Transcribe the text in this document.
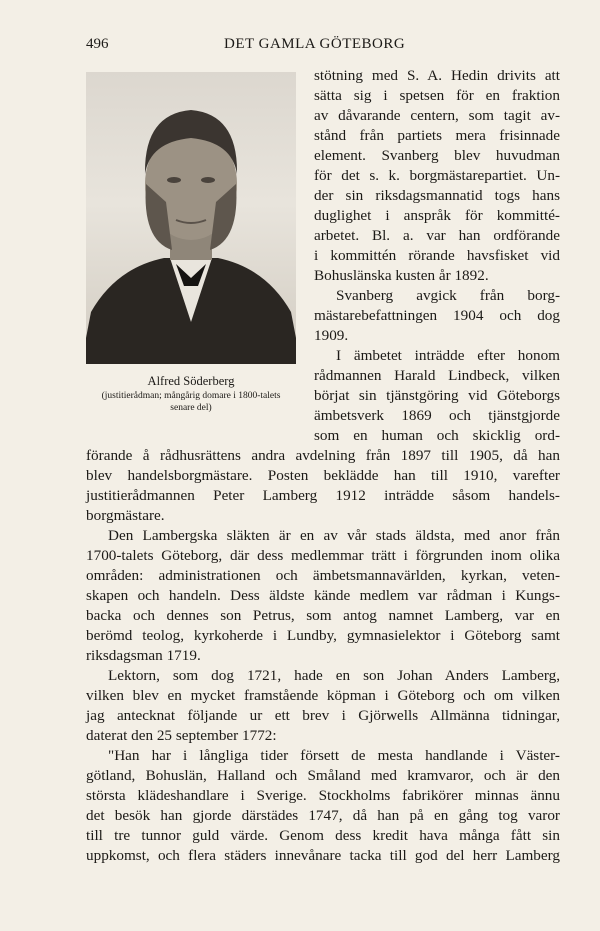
496	DET GAMLA GÖTEBORG
Alfred Söderberg
(justitierådman; mångårig domare i 1800-talets
senare del)
stötning med S. A. Hedin drivits att
sätta sig i spetsen för en fraktion
av dåvarande centern, som tagit av-
stånd från partiets mera frisinnade
element. Svanberg blev huvudman
för det s. k. borgmästarepartiet. Un-
der sin riksdagsmannatid togs hans
duglighet i anspråk för kommitté-
arbetet. Bl. a. var han ordförande
i kommittén rörande havsfisket vid
Bohuslänska kusten år 1892.
Svanberg avgick från borg-
mästarebefattningen 1904 och dog
1909.
I ämbetet inträdde efter honom
rådmannen Harald Lindbeck, vilken
börjat sin tjänstgöring vid Göteborgs
ämbetsverk 1869 och tjänstgjorde
som en human och skicklig ord-
förande å rådhusrättens andra avdelning från 1897 till 1905, då han
blev handelsborgmästare. Posten beklädde han till 1910, varefter
justitierådmannen Peter Lamberg 1912 inträdde såsom handels-
borgmästare.
Den Lambergska släkten är en av vår stads äldsta, med anor från
1700-talets Göteborg, där dess medlemmar trätt i förgrunden inom olika
områden: administrationen och ämbetsmannavärlden, kyrkan, veten-
skapen och handeln. Dess äldste kände medlem var rådman i Kungs-
backa och dennes son Petrus, som antog namnet Lamberg, var en
berömd teolog, kyrkoherde i Lundby, gymnasielektor i Göteborg samt
riksdagsman 1719.
Lektorn, som dog 1721, hade en son Johan Anders Lamberg,
vilken blev en mycket framstående köpman i Göteborg och om vilken
jag antecknat följande ur ett brev i Gjörwells Allmänna tidningar,
daterat den 25 september 1772:
"Han har i långliga tider försett de mesta handlande i Väster-
götland, Bohuslän, Halland och Småland med kramvaror, och är den
största klädeshandlare i Sverige. Stockholms fabrikörer minnas ännu
det besök han gjorde därstädes 1747, då han på en gång tog varor
till tre tunnor guld värde. Genom dess kredit hava många fått sin
uppkomst, och flera städers innevånare tacka till god del herr Lamberg
